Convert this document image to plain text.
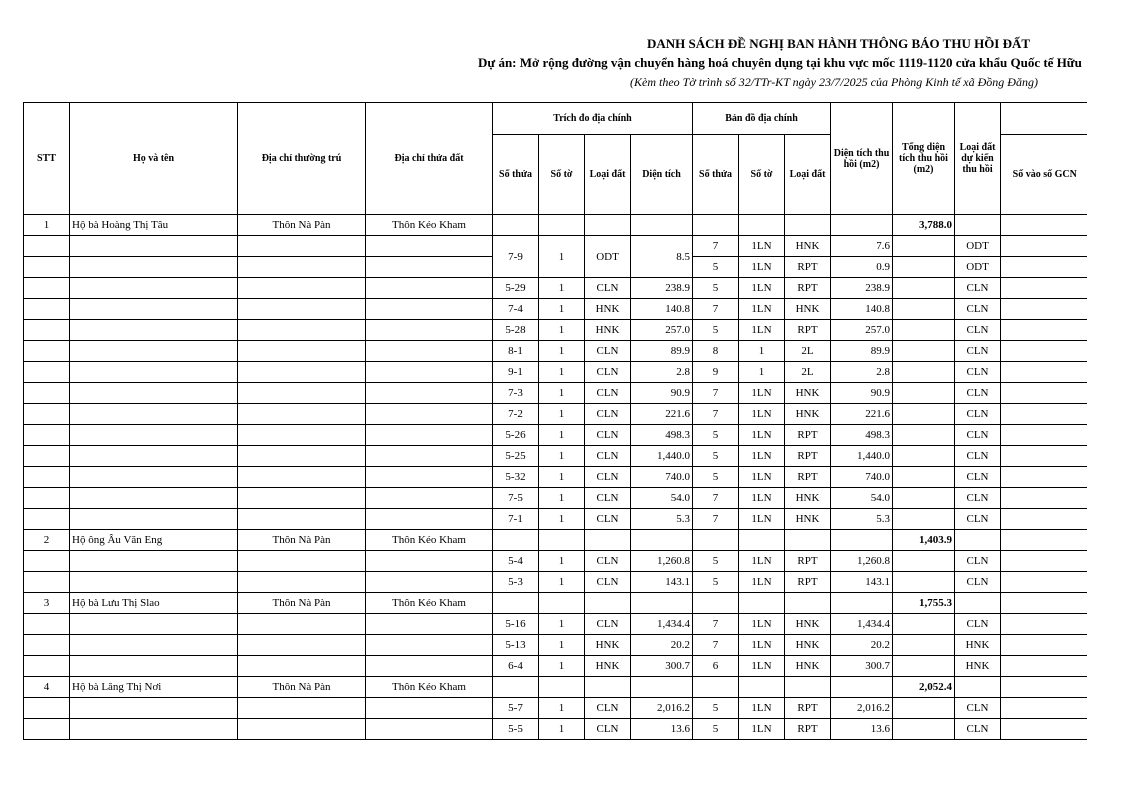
DANH SÁCH ĐỀ NGHỊ BAN HÀNH THÔNG BÁO THU HỒI ĐẤT
Dự án: Mở rộng đường vận chuyển hàng hoá chuyên dụng tại khu vực mốc 1119-1120 cửa khẩu Quốc tế Hữu
(Kèm theo Tờ trình số 32/TTr-KT ngày 23/7/2025 của Phòng Kinh tế xã Đồng Đăng)
STT	Họ và tên	Địa chỉ thường trú	Địa chỉ thửa đất	Trích đo địa chính				Bản đồ địa chính			Diện tích thu hồi (m2)	Tổng diện tích thu hồi (m2)	Loại đất dự kiến thu hồi	
				Số thửa	Số tờ	Loại đất	Diện tích	Số thửa	Số tờ	Loại đất				Số vào số GCN
1	Hộ bà Hoàng Thị Tâu	Thôn Nà Pàn	Thôn Kéo Kham									3,788.0		
				7-9	1	ODT	8.5	7	1LN	HNK	7.6		ODT	
								5	1LN	RPT	0.9		ODT	
				5-29	1	CLN	238.9	5	1LN	RPT	238.9		CLN	
				7-4	1	HNK	140.8	7	1LN	HNK	140.8		CLN	
				5-28	1	HNK	257.0	5	1LN	RPT	257.0		CLN	
				8-1	1	CLN	89.9	8	1	2L	89.9		CLN	
				9-1	1	CLN	2.8	9	1	2L	2.8		CLN	
				7-3	1	CLN	90.9	7	1LN	HNK	90.9		CLN	
				7-2	1	CLN	221.6	7	1LN	HNK	221.6		CLN	
				5-26	1	CLN	498.3	5	1LN	RPT	498.3		CLN	
				5-25	1	CLN	1,440.0	5	1LN	RPT	1,440.0		CLN	
				5-32	1	CLN	740.0	5	1LN	RPT	740.0		CLN	
				7-5	1	CLN	54.0	7	1LN	HNK	54.0		CLN	
				7-1	1	CLN	5.3	7	1LN	HNK	5.3		CLN	
2	Hộ ông Âu Văn Eng	Thôn Nà Pàn	Thôn Kéo Kham									1,403.9		
				5-4	1	CLN	1,260.8	5	1LN	RPT	1,260.8		CLN	
				5-3	1	CLN	143.1	5	1LN	RPT	143.1		CLN	
3	Hộ bà Lưu Thị Slao	Thôn Nà Pàn	Thôn Kéo Kham									1,755.3		
				5-16	1	CLN	1,434.4	7	1LN	HNK	1,434.4		CLN	
				5-13	1	HNK	20.2	7	1LN	HNK	20.2		HNK	
				6-4	1	HNK	300.7	6	1LN	HNK	300.7		HNK	
4	Hộ bà Lăng Thị Nơi	Thôn Nà Pàn	Thôn Kéo Kham									2,052.4		
				5-7	1	CLN	2,016.2	5	1LN	RPT	2,016.2		CLN	
				5-5	1	CLN	13.6	5	1LN	RPT	13.6		CLN	
